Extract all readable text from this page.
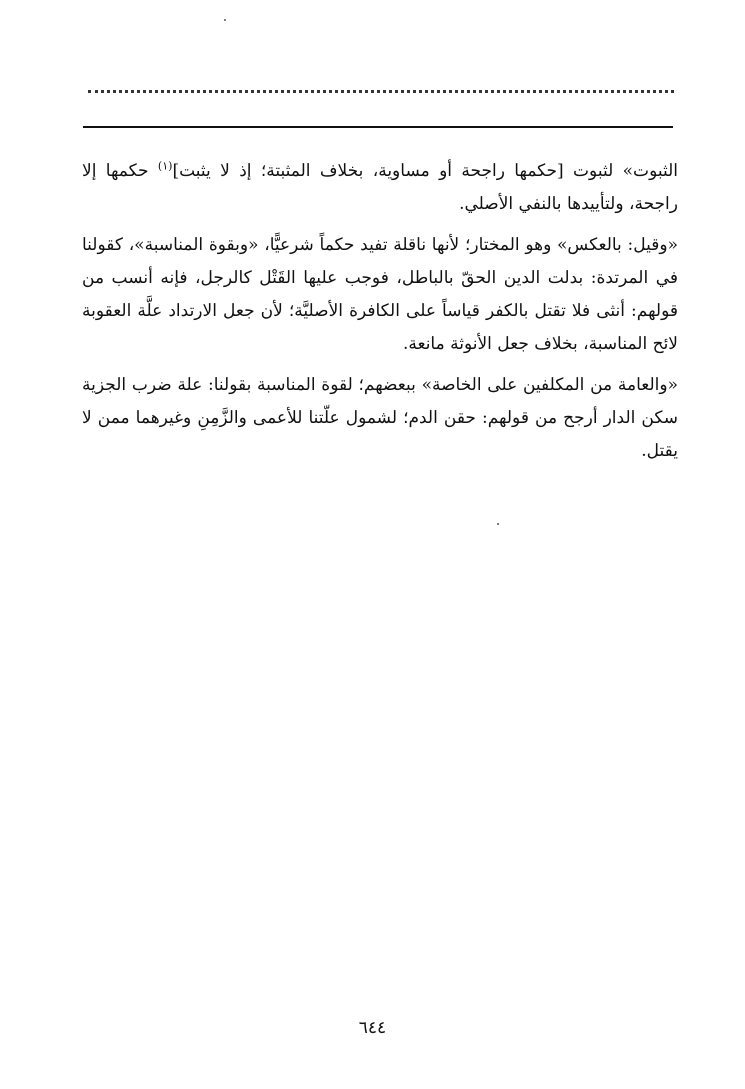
الثبوت» لثبوت [حكمها راجحة أو مساوية، بخلاف المثبتة؛ إذ لا يثبت]$^{(١)}$ حكمها إلا راجحة، ولتأييدها بالنفي الأصلي.

«وقيل: بالعكس» وهو المختار؛ لأنها ناقلة تفيد حكماً شرعيًّا، «وبقوة المناسبة»، كقولنا في المرتدة: بدلت الدين الحقّ بالباطل، فوجب عليها القَتْل كالرجل، فإنه أنسب من قولهم: أنثى فلا تقتل بالكفر قياساً على الكافرة الأصليَّة؛ لأن جعل الارتداد علَّة العقوبة لائح المناسبة، بخلاف جعل الأنوثة مانعة.

«والعامة من المكلفين على الخاصة» ببعضهم؛ لقوة المناسبة بقولنا: علة ضرب الجزية سكن الدار أرجح من قولهم: حقن الدم؛ لشمول علّتنا للأعمى والزَّمِنِ وغيرهما ممن لا يقتل.

٦٤٤
